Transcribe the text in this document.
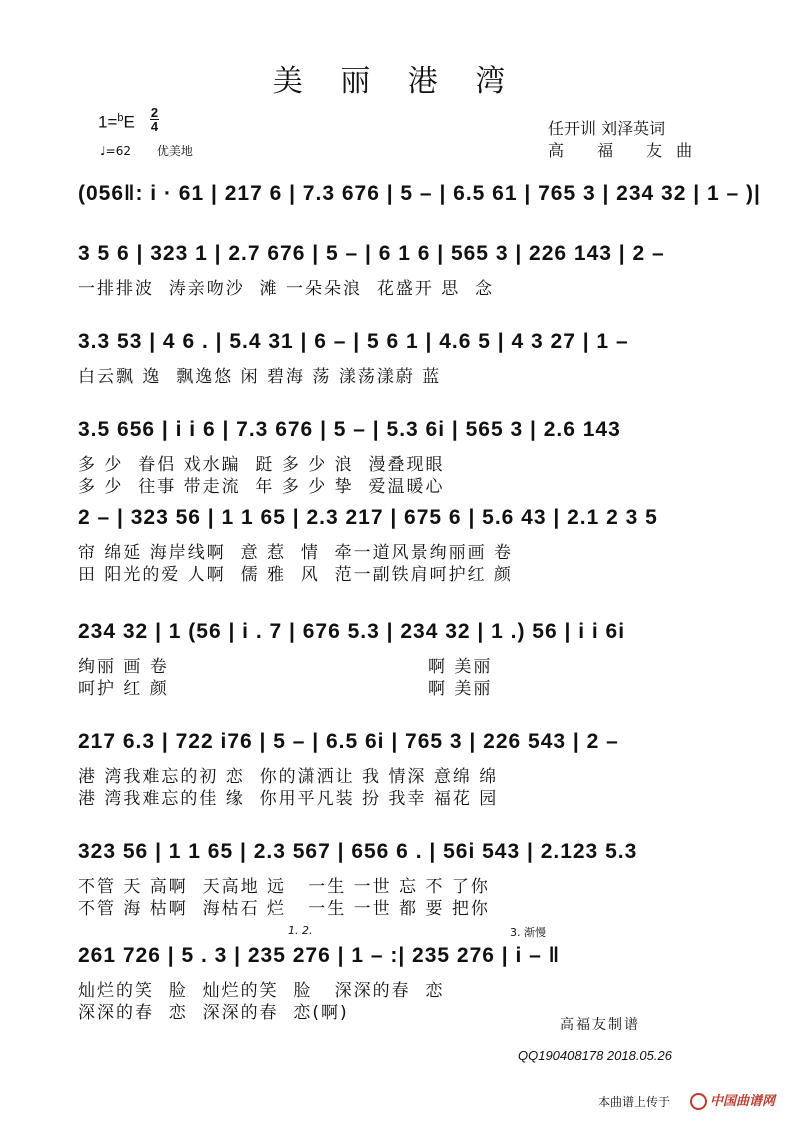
美 丽 港 湾
1=$^b$E
2
4
♩=62 优美地
任开训 刘泽英词
高 福 友曲
(056‖: i · 61 | 217 6 | 7.3 676 | 5 – | 6.5 61 | 765 3 | 234 32 | 1 – )|
3 5 6 | 323 1 | 2.7 676 | 5 – | 6 1 6 | 565 3 | 226 143 | 2 –
一排排波  涛亲吻沙  滩 一朵朵浪  花盛开 思  念
3.3 53 | 4 6 . | 5.4 31 | 6 – | 5 6 1 | 4.6 5 | 4 3 27 | 1 –
白云飘 逸  飘逸悠 闲 碧海 荡 漾荡漾蔚 蓝
3.5 656 | i i 6 | 7.3 676 | 5 – | 5.3 6i | 565 3 | 2.6 143
多 少  眷侣 戏水蹁  跹 多 少 浪  漫叠现眼
多 少  往事 带走流  年 多 少 挚  爱温暖心
2 – | 323 56 | 1 1 65 | 2.3 217 | 675 6 | 5.6 43 | 2.1 2 3 5
帘 绵延 海岸线啊  意 惹  情  牵一道风景绚丽画 卷
田 阳光的爱 人啊  儒 雅  风  范一副铁肩呵护红 颜
234 32 | 1 (56 | i . 7 | 676 5.3 | 234 32 | 1 .) 56 | i i 6i
绚丽 画 卷                                   啊 美丽
呵护 红 颜                                   啊 美丽
217 6.3 | 722 i76 | 5 – | 6.5 6i | 765 3 | 226 543 | 2 –
港 湾我难忘的初 恋  你的潇洒让 我 情深 意绵 绵
港 湾我难忘的佳 缘  你用平凡装 扮 我幸 福花 园
323 56 | 1 1 65 | 2.3 567 | 656 6 . | 56i 543 | 2.123 5.3
不管 天 高啊  天高地 远   一生 一世 忘 不 了你
不管 海 枯啊  海枯石 烂   一生 一世 都 要 把你
261 726 | 5 . 3 | 235 276 | 1 – :| 235 276 | i – ‖
灿烂的笑  脸  灿烂的笑  脸   深深的春  恋
深深的春  恋  深深的春  恋(啊)
1. 2.	3. 渐慢
高福友制谱
QQ190408178 2018.05.26
本曲谱上传于	中国曲谱网
